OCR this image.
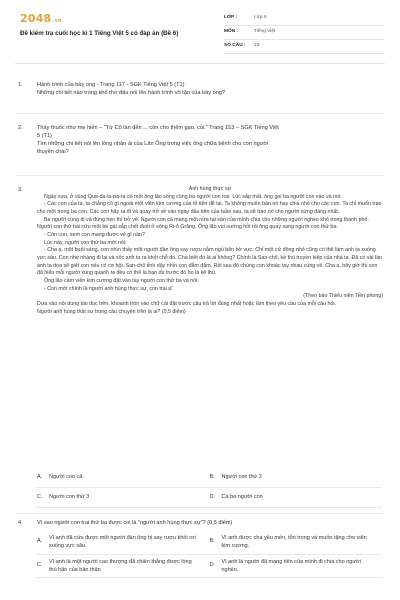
2048.vn
Đề kiểm tra cuối học kì 1 Tiếng Việt 5 có đáp án (Đề 6)
LỚP :	Lớp 5
MÔN :	Tiếng Việt
SỐ CÂU :	13
1.	Hành trình của bầy ong - Trang 117 - SGK Tiếng Việt 5 (T1)
Những chi tiết nào trong khổ thơ đầu nói lên hành trình vô tận của bầy ong?
2.	Thầy thuốc như mẹ hiền – "Từ Cô lần đến ... còn cho thêm gạo, củi." Trang 153 – SGK Tiếng Việt
5 (T1)
Tìm những chi tiết nói lên lòng nhân ái của Lãn Ông trong việc ông chữa bệnh cho con người
thuyền chài?
3.	Anh hùng thực sự

Ngày xưa, ở vùng Qua-đa-la-pa-ra có một ông lão sống cùng ba người con trai. Lúc sắp mất, ông gọi ba người con vào và nói:

- Các con của ta, ta chẳng có gì ngoài một viên kim cương của tổ tiên để lại. Ta không muốn bán nó hay chia nhỏ cho các con. Ta chỉ muốn trao cho một trong ba con. Các con hãy ra đi và quay trở về vào ngày đầu tiên của tuần sau, ta sẽ trao nó cho người xứng đáng nhất.

Ba người cùng đi và đúng hẹn thì trở về. Người con cả mang một nửa tài sản của mình chia cho những người nghèo khổ trong thành phố. Người con thứ hai cứu một bé gái sắp chết đuối ở sông Ri-ô Grăng. Ông lão vui sướng hỏi rồi ông quay sang người con thứ ba:

- Còn con, xem con mang được về gì nào?

Lúc này, người con thứ ba mới nói:

- Cha ạ, một buổi sáng, con nhìn thấy một người đàn ông say rượu nằm ngủ bên bờ vực. Chỉ một cử động nhỏ cũng có thể làm anh ta xuống vực sâu. Con nhẹ nhàng đi lại và xốc anh ta ra khỏi chỗ đó. Cha biết đó là ai không? Chính là San-chô, kẻ thù truyền kiếp của nhà ta. Đã có vài lần anh ta dọa sẽ giết con nếu có cơ hội. San-chô tỉnh dậy nhìn con đắm đắm. Rồi sau đó chúng con khoác tay nhau cùng về. Cha ạ, bây giờ thì con đã hiểu mỗi người xung quanh ta đều có thể là bạn dù trước đó họ là kẻ thù.

Ông lão cầm viên kim cương đặt vào tay người con thứ ba và nói:

- Con mới chính là người anh hùng thực sự, con trai ạ!

(Theo báo Thiếu niên Tiền phong)

Dựa vào nội dung bài đọc trên, khoanh tròn vào chữ cái đặt trước câu trả lời đúng nhất hoặc làm theo yêu cầu của mỗi câu hỏi.

Người anh hùng thật sự trong câu chuyện trên là ai? (0,5 điểm)

A.	Người con cả.	B.	Người con thứ 2
C.	Người con thứ 3	D.	Cả ba người con
4.	Vì sao người con trai thứ ba được coi là "người anh hùng thực sự"? (0,5 điểm)
A.
Vì anh đã cứu được một người đàn ông bị say rượu khỏi rơi xuống vực sâu.
B.
Vì anh được cha yêu mến, tôn trọng và muốn tặng cho viên kim cương.
C.
Vì anh là một người cao thượng đã chiến thắng được lòng thù hận của bản thân
D.
Vì anh là người đã mang tiền của mình đi chia cho người nghèo.
